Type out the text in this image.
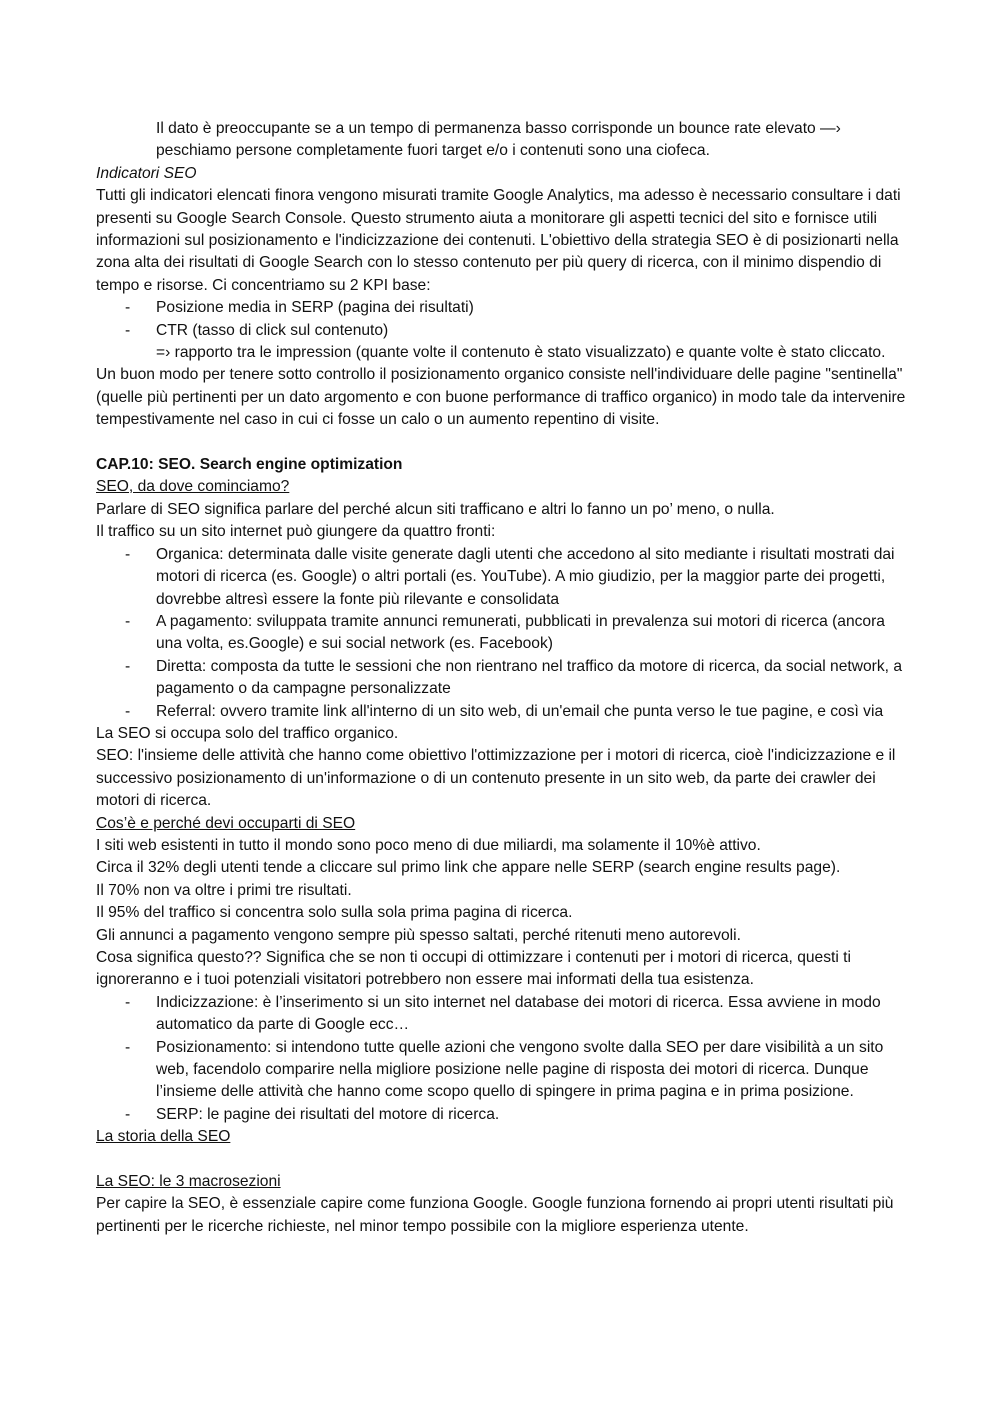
Il dato è preoccupante se a un tempo di permanenza basso corrisponde un bounce rate elevato —› peschiamo persone completamente fuori target e/o i contenuti sono una ciofeca.

Indicatori SEO

Tutti gli indicatori elencati finora vengono misurati tramite Google Analytics, ma adesso è necessario consultare i dati presenti su Google Search Console. Questo strumento aiuta a monitorare gli aspetti tecnici del sito e fornisce utili informazioni sul posizionamento e l'indicizzazione dei contenuti. L'obiettivo della strategia SEO è di posizionarti nella zona alta dei risultati di Google Search con lo stesso contenuto per più query di ricerca, con il minimo dispendio di tempo e risorse. Ci concentriamo su 2 KPI base:

- Posizione media in SERP (pagina dei risultati)
- CTR (tasso di click sul contenuto)

=› rapporto tra le impression (quante volte il contenuto è stato visualizzato) e quante volte è stato cliccato.

Un buon modo per tenere sotto controllo il posizionamento organico consiste nell'individuare delle pagine "sentinella" (quelle più pertinenti per un dato argomento e con buone performance di traffico organico) in modo tale da intervenire tempestivamente nel caso in cui ci fosse un calo o un aumento repentino di visite.

CAP.10: SEO. Search engine optimization

SEO, da dove cominciamo?

Parlare di SEO significa parlare del perché alcun siti trafficano e altri lo fanno un po’ meno, o nulla.

Il traffico su un sito internet può giungere da quattro fronti:

- Organica: determinata dalle visite generate dagli utenti che accedono al sito mediante i risultati mostrati dai motori di ricerca (es. Google) o altri portali (es. YouTube). A mio giudizio, per la maggior parte dei progetti, dovrebbe altresì essere la fonte più rilevante e consolidata
- A pagamento: sviluppata tramite annunci remunerati, pubblicati in prevalenza sui motori di ricerca (ancora una volta, es.Google) e sui social network (es. Facebook)
- Diretta: composta da tutte le sessioni che non rientrano nel traffico da motore di ricerca, da social network, a pagamento o da campagne personalizzate
- Referral: ovvero tramite link all'interno di un sito web, di un'email che punta verso le tue pagine, e così via

La SEO si occupa solo del traffico organico.

SEO: l'insieme delle attività che hanno come obiettivo l'ottimizzazione per i motori di ricerca, cioè l'indicizzazione e il successivo posizionamento di un'informazione o di un contenuto presente in un sito web, da parte dei crawler dei motori di ricerca.

Cos’è e perché devi occuparti di SEO

I siti web esistenti in tutto il mondo sono poco meno di due miliardi, ma solamente il 10%è attivo.

Circa il 32% degli utenti tende a cliccare sul primo link che appare nelle SERP (search engine results page).

Il 70% non va oltre i primi tre risultati.

Il 95% del traffico si concentra solo sulla sola prima pagina di ricerca.

Gli annunci a pagamento vengono sempre più spesso saltati, perché ritenuti meno autorevoli.

Cosa significa questo?? Significa che se non ti occupi di ottimizzare i contenuti per i motori di ricerca, questi ti ignoreranno e i tuoi potenziali visitatori potrebbero non essere mai informati della tua esistenza.

- Indicizzazione: è l’inserimento si un sito internet nel database dei motori di ricerca. Essa avviene in modo automatico da parte di Google ecc…
- Posizionamento: si intendono tutte quelle azioni che vengono svolte dalla SEO per dare visibilità a un sito web, facendolo comparire nella migliore posizione nelle pagine di risposta dei motori di ricerca. Dunque l’insieme delle attività che hanno come scopo quello di spingere in prima pagina e in prima posizione.
- SERP: le pagine dei risultati del motore di ricerca.

La storia della SEO

La SEO: le 3 macrosezioni

Per capire la SEO, è essenziale capire come funziona Google. Google funziona fornendo ai propri utenti risultati più pertinenti per le ricerche richieste, nel minor tempo possibile con la migliore esperienza utente.
